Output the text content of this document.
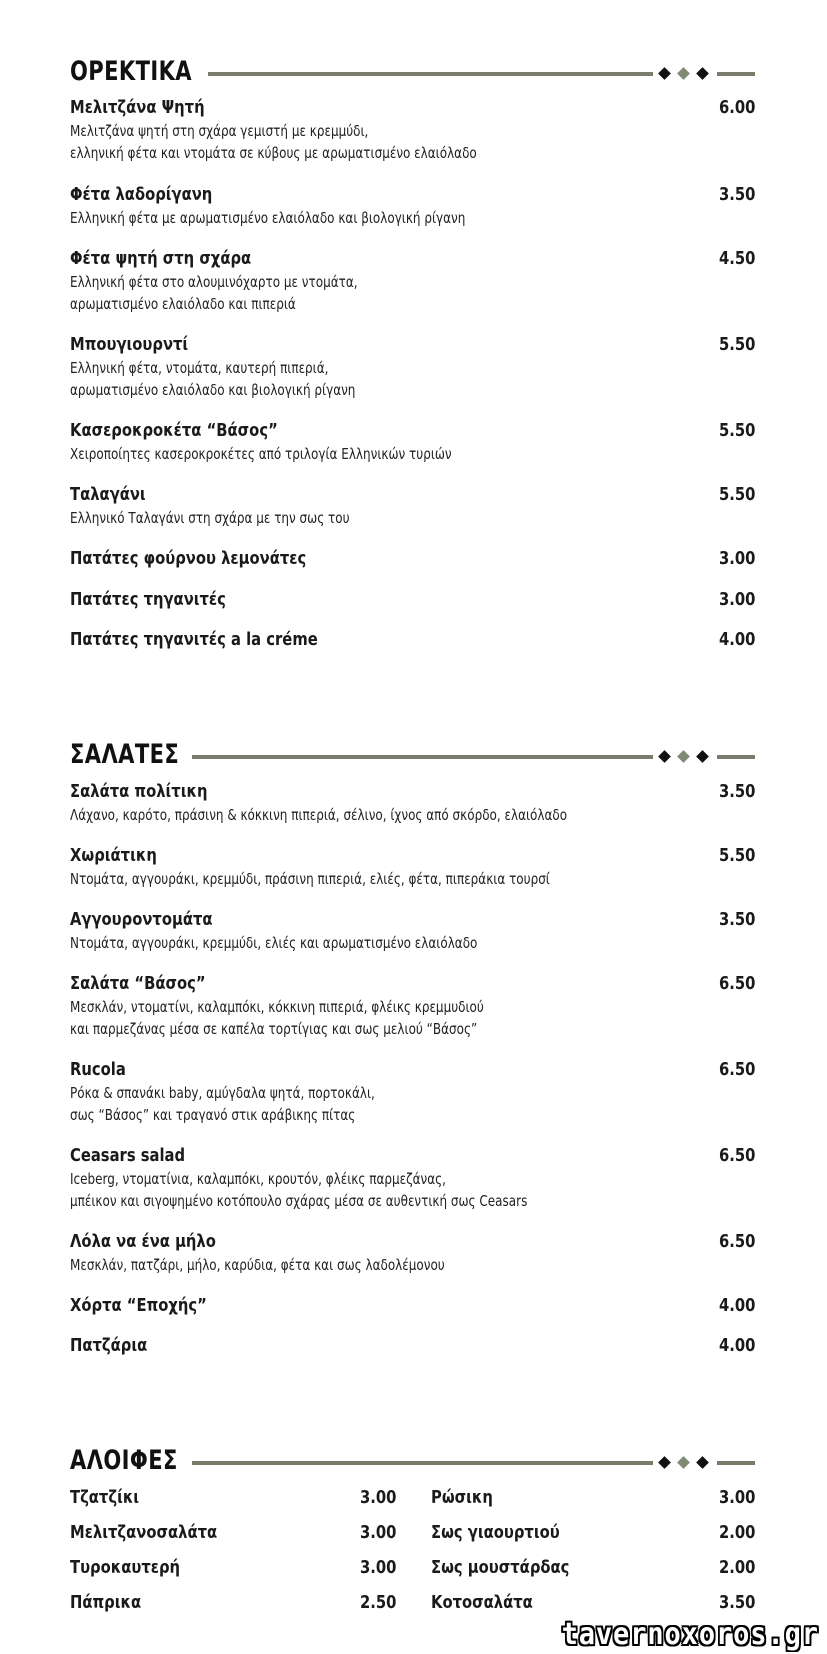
ΟΡΕΚΤΙΚΑ
Μελιτζάνα Ψητή	6.00
Μελιτζάνα ψητή στη σχάρα γεμιστή με κρεμμύδι,
ελληνική φέτα και ντομάτα σε κύβους με αρωματισμένο ελαιόλαδο
Φέτα λαδορίγανη	3.50
Ελληνική φέτα με αρωματισμένο ελαιόλαδο και βιολογική ρίγανη
Φέτα ψητή στη σχάρα	4.50
Ελληνική φέτα στο αλουμινόχαρτο με ντομάτα,
αρωματισμένο ελαιόλαδο και πιπεριά
Μπουγιουρντί	5.50
Ελληνική φέτα, ντομάτα, καυτερή πιπεριά,
αρωματισμένο ελαιόλαδο και βιολογική ρίγανη
Κασεροκροκέτα “Βάσος”	5.50
Χειροποίητες κασεροκροκέτες από τριλογία Ελληνικών τυριών
Ταλαγάνι	5.50
Ελληνικό Ταλαγάνι στη σχάρα με την σως του
Πατάτες φούρνου λεμονάτες	3.00
Πατάτες τηγανιτές	3.00
Πατάτες τηγανιτές a la créme	4.00
ΣΑΛΑΤΕΣ
Σαλάτα πολίτικη	3.50
Λάχανο, καρότο, πράσινη & κόκκινη πιπεριά, σέλινο, ίχνος από σκόρδο, ελαιόλαδο
Χωριάτικη	5.50
Ντομάτα, αγγουράκι, κρεμμύδι, πράσινη πιπεριά, ελιές, φέτα, πιπεράκια τουρσί
Αγγουροντομάτα	3.50
Ντομάτα, αγγουράκι, κρεμμύδι, ελιές και αρωματισμένο ελαιόλαδο
Σαλάτα “Βάσος”	6.50
Μεσκλάν, ντοματίνι, καλαμπόκι, κόκκινη πιπεριά, φλέικς κρεμμυδιού
και παρμεζάνας μέσα σε καπέλα τορτίγιας και σως μελιού “Βάσος”
Rucola	6.50
Ρόκα & σπανάκι baby, αμύγδαλα ψητά, πορτοκάλι,
σως “Βάσος” και τραγανό στικ αράβικης πίτας
Ceasars salad	6.50
Iceberg, ντοματίνια, καλαμπόκι, κρουτόν, φλέικς παρμεζάνας,
μπέικον και σιγοψημένο κοτόπουλο σχάρας μέσα σε αυθεντική σως Ceasars
Λόλα να ένα μήλο	6.50
Μεσκλάν, πατζάρι, μήλο, καρύδια, φέτα και σως λαδολέμονου
Χόρτα “Εποχής”	4.00
Πατζάρια	4.00
ΑΛΟΙΦΕΣ
Τζατζίκι	3.00
Μελιτζανοσαλάτα	3.00
Τυροκαυτερή	3.00
Πάπρικα	2.50
Ρώσικη	3.00
Σως γιαουρτιού	2.00
Σως μουστάρδας	2.00
Κοτοσαλάτα	3.50
tavernoxoros.gr
